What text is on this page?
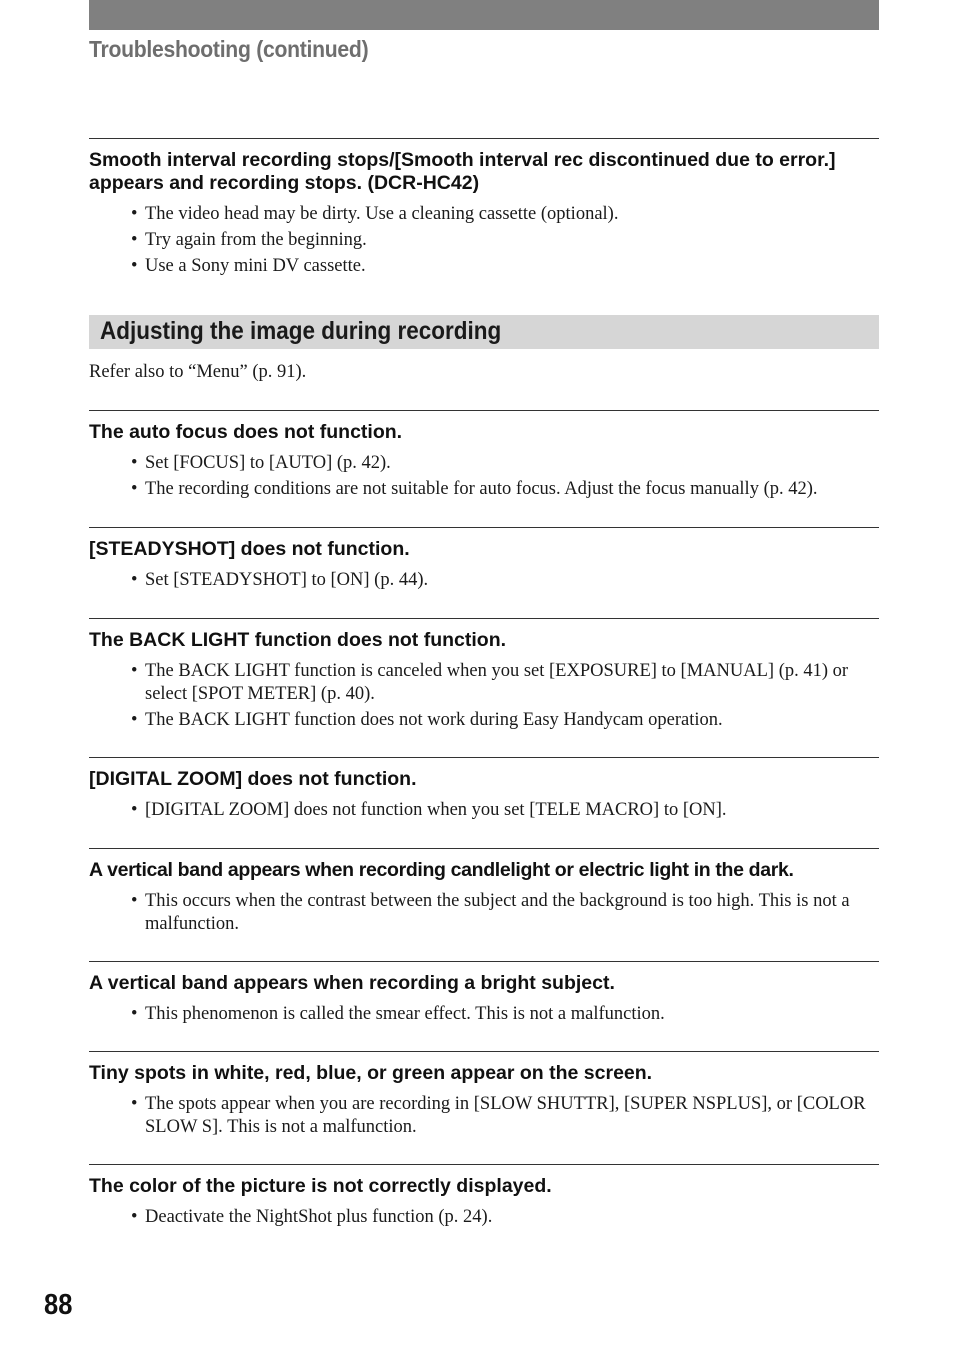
Troubleshooting (continued)

Smooth interval recording stops/[Smooth interval rec discontinued due to error.] appears and recording stops. (DCR-HC42)

• The video head may be dirty. Use a cleaning cassette (optional).
• Try again from the beginning.
• Use a Sony mini DV cassette.
Adjusting the image during recording
Refer also to “Menu” (p. 91).

The auto focus does not function.

• Set [FOCUS] to [AUTO] (p. 42).
• The recording conditions are not suitable for auto focus. Adjust the focus manually (p. 42).

[STEADYSHOT] does not function.

• Set [STEADYSHOT] to [ON] (p. 44).

The BACK LIGHT function does not function.

• The BACK LIGHT function is canceled when you set [EXPOSURE] to [MANUAL] (p. 41) or select [SPOT METER] (p. 40).
• The BACK LIGHT function does not work during Easy Handycam operation.

[DIGITAL ZOOM] does not function.

• [DIGITAL ZOOM] does not function when you set [TELE MACRO] to [ON].

A vertical band appears when recording candlelight or electric light in the dark.

• This occurs when the contrast between the subject and the background is too high. This is not a malfunction.

A vertical band appears when recording a bright subject.

• This phenomenon is called the smear effect. This is not a malfunction.

Tiny spots in white, red, blue, or green appear on the screen.

• The spots appear when you are recording in [SLOW SHUTTR], [SUPER NSPLUS], or [COLOR SLOW S]. This is not a malfunction.

The color of the picture is not correctly displayed.

• Deactivate the NightShot plus function (p. 24).
88
